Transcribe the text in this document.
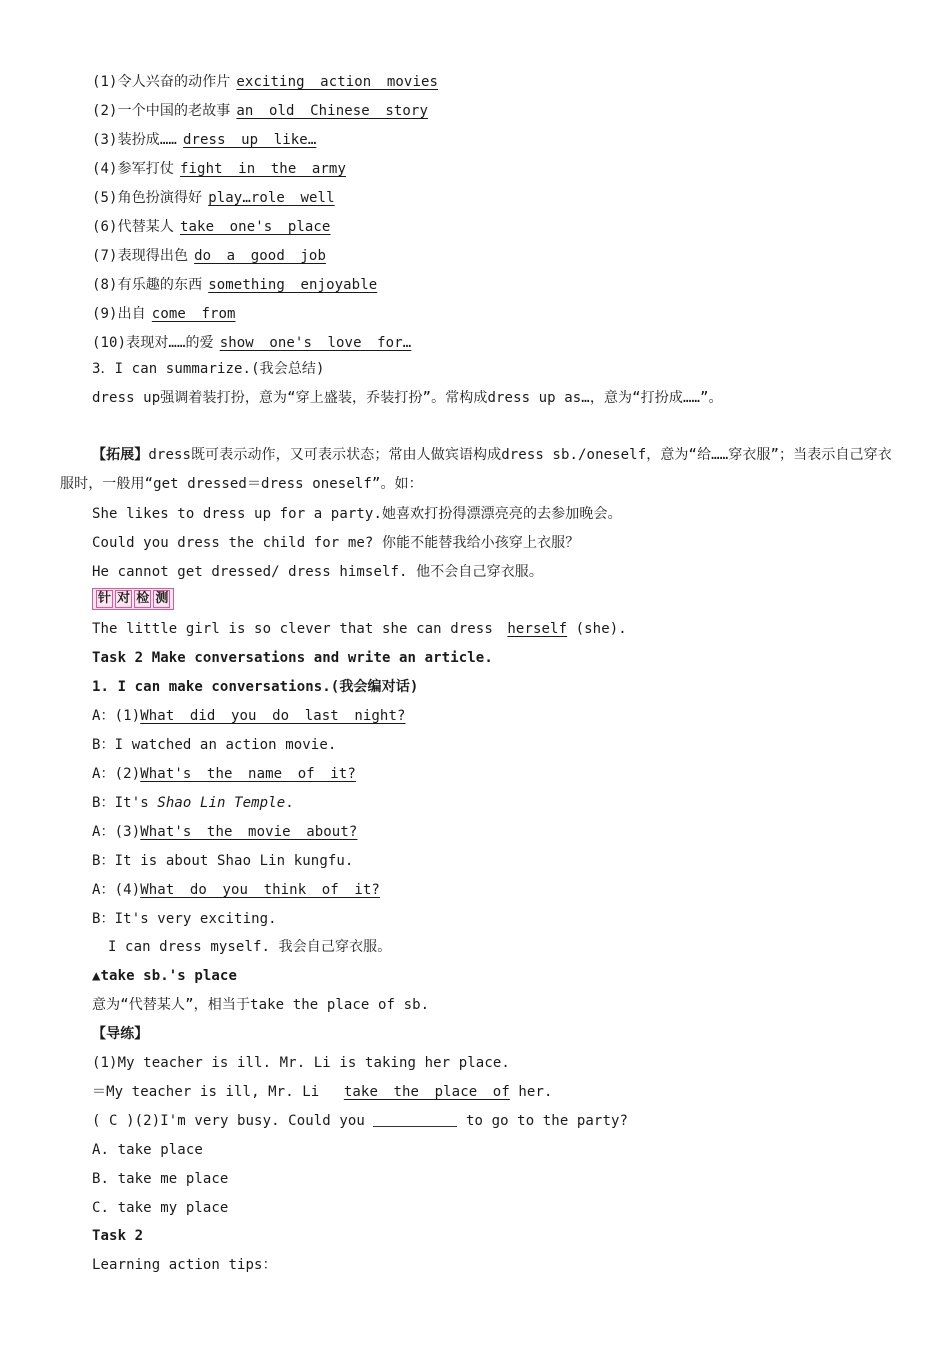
(1)令人兴奋的动作片 exciting action movies
(2)一个中国的老故事 an old Chinese story
(3)装扮成…… dress up like…
(4)参军打仗 fight in the army
(5)角色扮演得好 play…role well
(6)代替某人 take one's place
(7)表现得出色 do a good job
(8)有乐趣的东西 something enjoyable
(9)出自 come from
(10)表现对……的爱 show one's love for…
3．I can summarize.(我会总结)
dress up强调着装打扮，意为“穿上盛装，乔装打扮”。常构成dress up as…，意为“打扮成……”。
【拓展】 dress既可表示动作，又可表示状态；常由人做宾语构成dress sb./oneself，意为“给……穿衣服”；当表示自己穿衣服时，一般用“get dressed＝dress oneself”。如：
She likes to dress up for a party.她喜欢打扮得漂漂亮亮的去参加晚会。
Could you dress the child for me? 你能不能替我给小孩穿上衣服？
He cannot get dressed/ dress himself. 他不会自己穿衣服。
针 对 检 测
The little girl is so clever that she can dress herself (she).
Task 2 Make conversations and write an article.
1. I can make conversations.(我会编对话)
A：(1)What did you do last night?
B：I watched an action movie.
A：(2)What's the name of it?
B：It's Shao Lin Temple.
A：(3)What's the movie about?
B：It is about Shao Lin kungfu.
A：(4)What do you think of it?
B：It's very exciting.
I can dress myself. 我会自己穿衣服。
▲take sb.'s place
意为“代替某人”，相当于take the place of sb.
【导练】
(1)My teacher is ill. Mr. Li is taking her place.
＝My teacher is ill, Mr. Li take the place of her.
( C )(2)I'm very busy. Could you	to go to the party?
A. take place
B. take me place
C. take my place
Task 2
Learning action tips：
